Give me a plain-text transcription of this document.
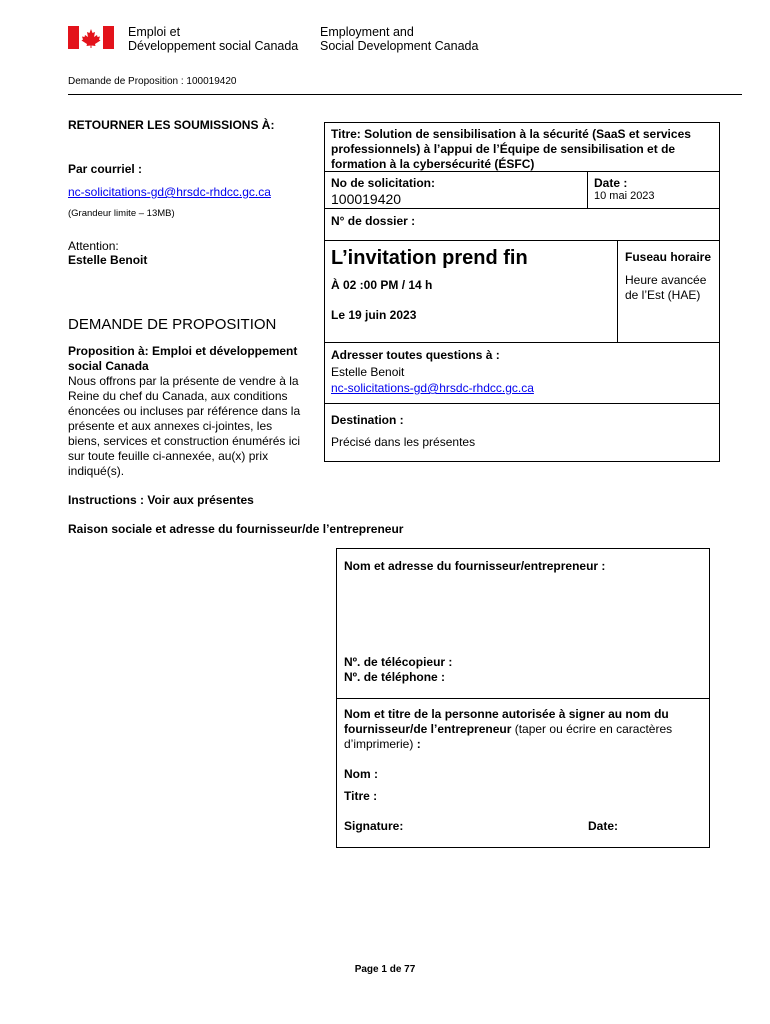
Emploi et
Développement social Canada
Employment and
Social Development Canada
Demande de Proposition : 100019420
RETOURNER LES SOUMISSIONS À:
Par courriel :
nc-solicitations-gd@hrsdc-rhdcc.gc.ca
(Grandeur limite – 13MB)
Attention:
Estelle Benoit
DEMANDE DE PROPOSITION
Proposition à: Emploi et développement
social Canada
Nous offrons par la présente de vendre à la
Reine du chef du Canada, aux conditions
énoncées ou incluses par référence dans la
présente et aux annexes ci-jointes, les
biens, services et construction énumérés ici
sur toute feuille ci-annexée, au(x) prix
indiqué(s).
Instructions : Voir aux présentes
Raison sociale et adresse du fournisseur/de l’entrepreneur
Titre: Solution de sensibilisation à la sécurité (SaaS et services
professionnels) à l’appui de l’Équipe de sensibilisation et de
formation à la cybersécurité (ÉSFC)
No de solicitation:
100019420
Date :
10 mai 2023
N° de dossier :
L’invitation prend fin
À 02 :00 PM / 14 h
Le 19 juin 2023
Fuseau horaire
Heure avancée
de l’Est (HAE)
Adresser toutes questions à :
Estelle Benoit
nc-solicitations-gd@hrsdc-rhdcc.gc.ca
Destination :
Précisé dans les présentes
Nom et adresse du fournisseur/entrepreneur :
Nº. de télécopieur :
Nº. de téléphone :
Nom et titre de la personne autorisée à signer au nom du
fournisseur/de l’entrepreneur (taper ou écrire en caractères
d’imprimerie) :
Nom :
Titre :
Signature:	Date:
Page 1 de 77
